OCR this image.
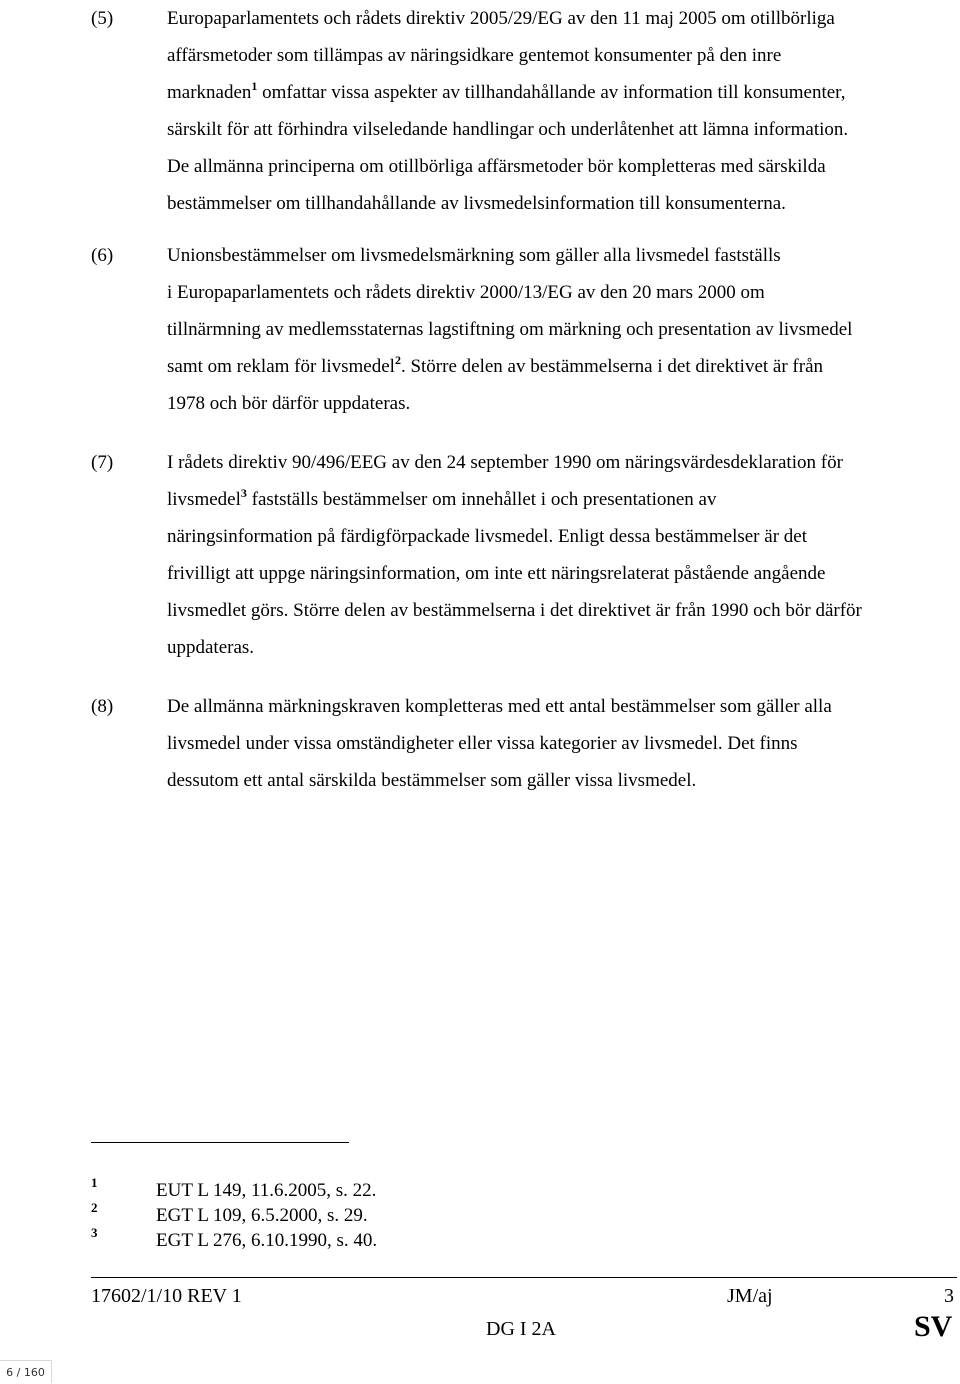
(5)	Europaparlamentets och rådets direktiv 2005/29/EG av den 11 maj 2005 om otillbörliga
affärsmetoder som tillämpas av näringsidkare gentemot konsumenter på den inre
marknaden$^1$ omfattar vissa aspekter av tillhandahållande av information till konsumenter,
särskilt för att förhindra vilseledande handlingar och underlåtenhet att lämna information.
De allmänna principerna om otillbörliga affärsmetoder bör kompletteras med särskilda
bestämmelser om tillhandahållande av livsmedelsinformation till konsumenterna.
(6)	Unionsbestämmelser om livsmedelsmärkning som gäller alla livsmedel fastställs
i Europaparlamentets och rådets direktiv 2000/13/EG av den 20 mars 2000 om
tillnärmning av medlemsstaternas lagstiftning om märkning och presentation av livsmedel
samt om reklam för livsmedel$^2$. Större delen av bestämmelserna i det direktivet är från
1978 och bör därför uppdateras.
(7)	I rådets direktiv 90/496/EEG av den 24 september 1990 om näringsvärdesdeklaration för
livsmedel$^3$ fastställs bestämmelser om innehållet i och presentationen av
näringsinformation på färdigförpackade livsmedel. Enligt dessa bestämmelser är det
frivilligt att uppge näringsinformation, om inte ett näringsrelaterat påstående angående
livsmedlet görs. Större delen av bestämmelserna i det direktivet är från 1990 och bör därför
uppdateras.
(8)	De allmänna märkningskraven kompletteras med ett antal bestämmelser som gäller alla
livsmedel under vissa omständigheter eller vissa kategorier av livsmedel. Det finns
dessutom ett antal särskilda bestämmelser som gäller vissa livsmedel.
1	EUT L 149, 11.6.2005, s. 22.
2	EGT L 109, 6.5.2000, s. 29.
3	EGT L 276, 6.10.1990, s. 40.
17602/1/10 REV 1	JM/aj	3
DG I 2A	SV
6 / 160
